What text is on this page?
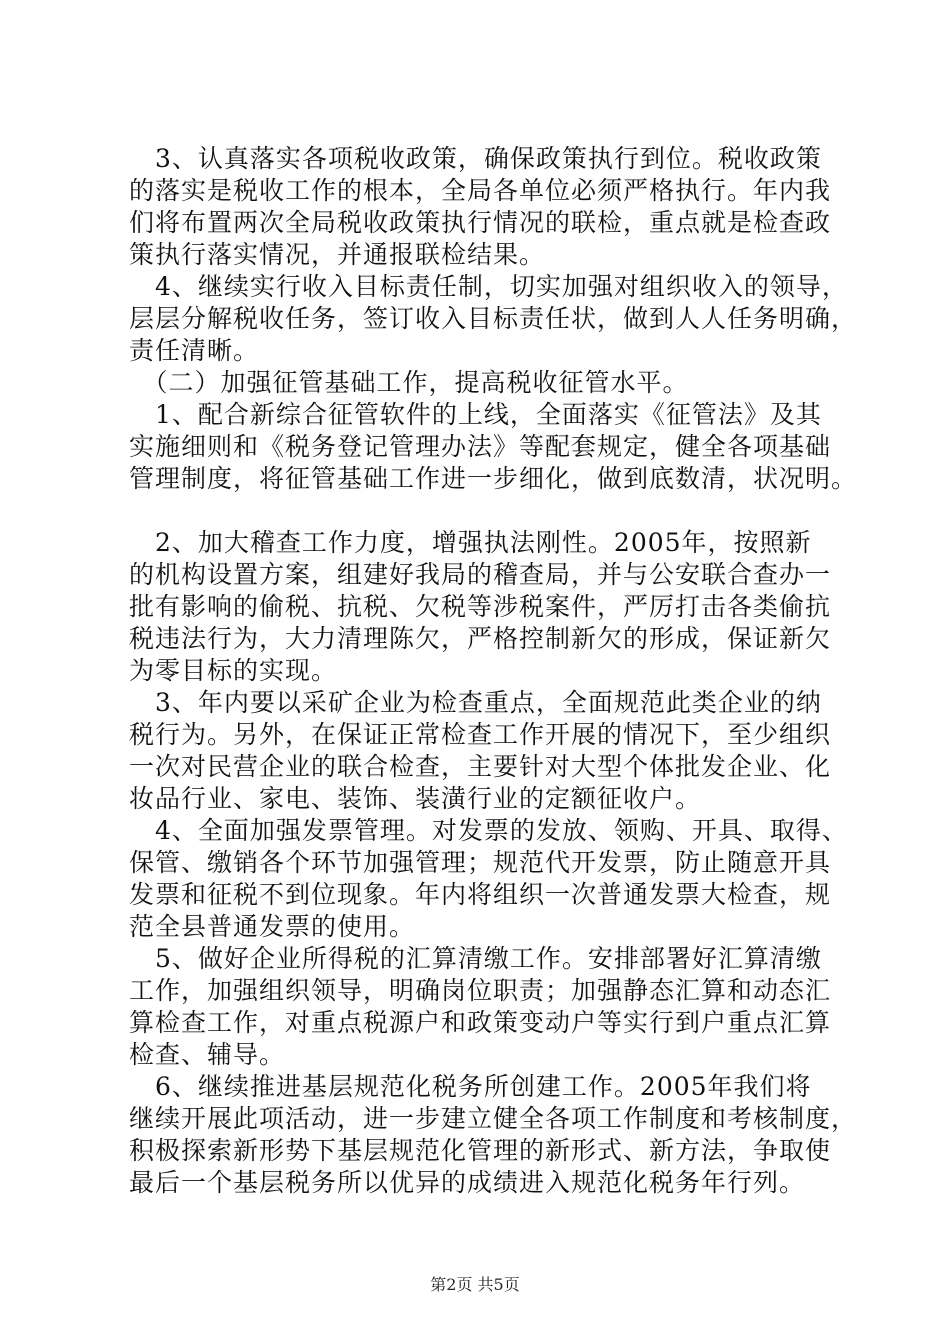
　3、认真落实各项税收政策，确保政策执行到位。税收政策
的落实是税收工作的根本，全局各单位必须严格执行。年内我
们将布置两次全局税收政策执行情况的联检，重点就是检查政
策执行落实情况，并通报联检结果。
　4、继续实行收入目标责任制，切实加强对组织收入的领导，
层层分解税收任务，签订收入目标责任状，做到人人任务明确，
责任清晰。
　（二）加强征管基础工作，提高税收征管水平。
　1、配合新综合征管软件的上线，全面落实《征管法》及其
实施细则和《税务登记管理办法》等配套规定，健全各项基础
管理制度，将征管基础工作进一步细化，做到底数清，状况明。
　2、加大稽查工作力度，增强执法刚性。2005年，按照新
的机构设置方案，组建好我局的稽查局，并与公安联合查办一
批有影响的偷税、抗税、欠税等涉税案件，严厉打击各类偷抗
税违法行为，大力清理陈欠，严格控制新欠的形成，保证新欠
为零目标的实现。
　3、年内要以采矿企业为检查重点，全面规范此类企业的纳
税行为。另外，在保证正常检查工作开展的情况下，至少组织
一次对民营企业的联合检查，主要针对大型个体批发企业、化
妆品行业、家电、装饰、装潢行业的定额征收户。
　4、全面加强发票管理。对发票的发放、领购、开具、取得、
保管、缴销各个环节加强管理；规范代开发票，防止随意开具
发票和征税不到位现象。年内将组织一次普通发票大检查，规
范全县普通发票的使用。
　5、做好企业所得税的汇算清缴工作。安排部署好汇算清缴
工作，加强组织领导，明确岗位职责；加强静态汇算和动态汇
算检查工作，对重点税源户和政策变动户等实行到户重点汇算
检查、辅导。
　6、继续推进基层规范化税务所创建工作。2005年我们将
继续开展此项活动，进一步建立健全各项工作制度和考核制度，
积极探索新形势下基层规范化管理的新形式、新方法，争取使
最后一个基层税务所以优异的成绩进入规范化税务年行列。
第2页 共5页
